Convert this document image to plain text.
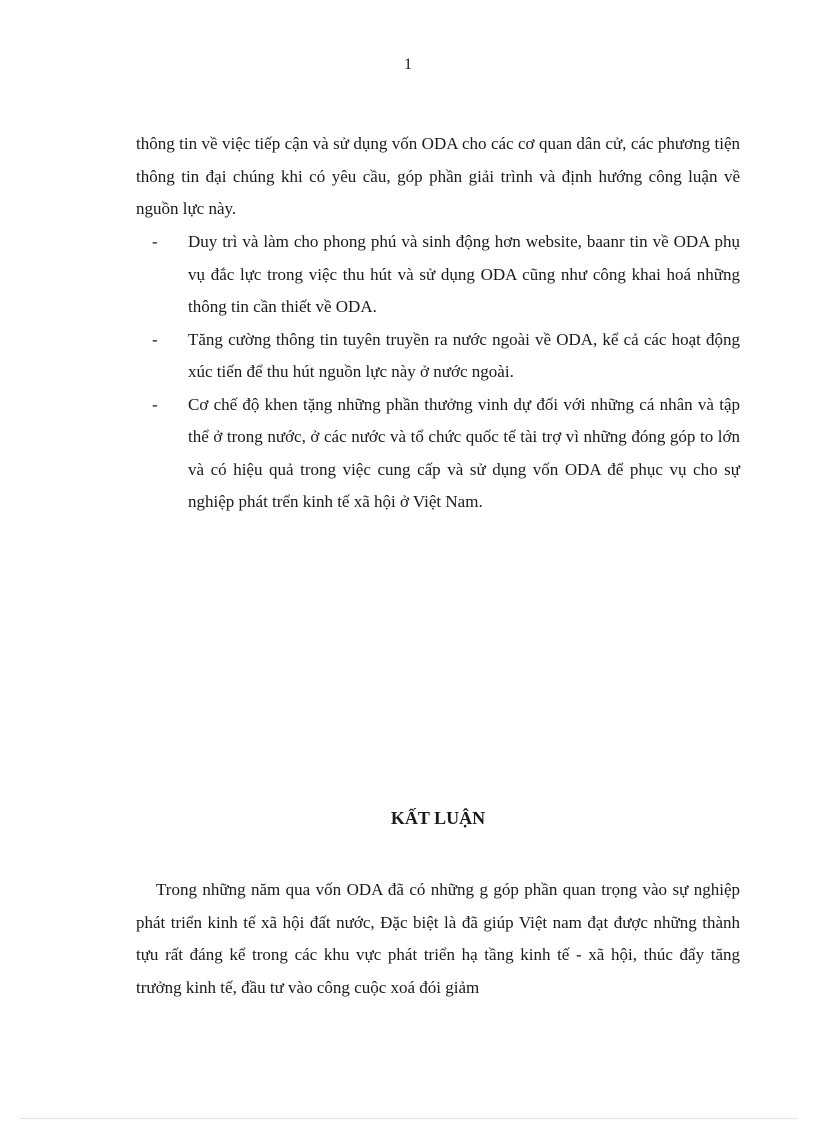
1

thông tin về việc tiếp cận và sử dụng vốn ODA cho các cơ quan dân cử, các phương tiện thông tin đại chúng khi có yêu cầu, góp phần giải trình và định hướng công luận về nguồn lực này.

- Duy trì và làm cho phong phú và sinh động hơn website, baanr tin về ODA phụ vụ đắc lực trong việc thu hút và sử dụng ODA cũng như công khai hoá những thông tin cần thiết về ODA.
- Tăng cường thông tin tuyên truyền ra nước ngoài về ODA, kể cả các hoạt động xúc tiến để thu hút nguồn lực này ở nước ngoài.
- Cơ chế độ khen tặng những phần thưởng vinh dự đối với những cá nhân và tập thể ở trong nước, ở các nước và tổ chức quốc tế tài trợ vì những đóng góp to lớn và có hiệu quả trong việc cung cấp và sử dụng vốn ODA để phục vụ cho sự nghiệp phát trển kinh tế xã hội ở Việt Nam.
KẤT LUẬN

Trong những năm qua vốn ODA đã có những g góp phần quan trọng vào sự nghiệp phát triển kinh tế xã hội đất nước, Đặc biệt là đã giúp Việt nam đạt được những thành tựu rất đáng kể trong các khu vực phát triển hạ tầng kinh tế - xã hội, thúc đẩy tăng trưởng kinh tế, đầu tư vào công cuộc xoá đói giảm
